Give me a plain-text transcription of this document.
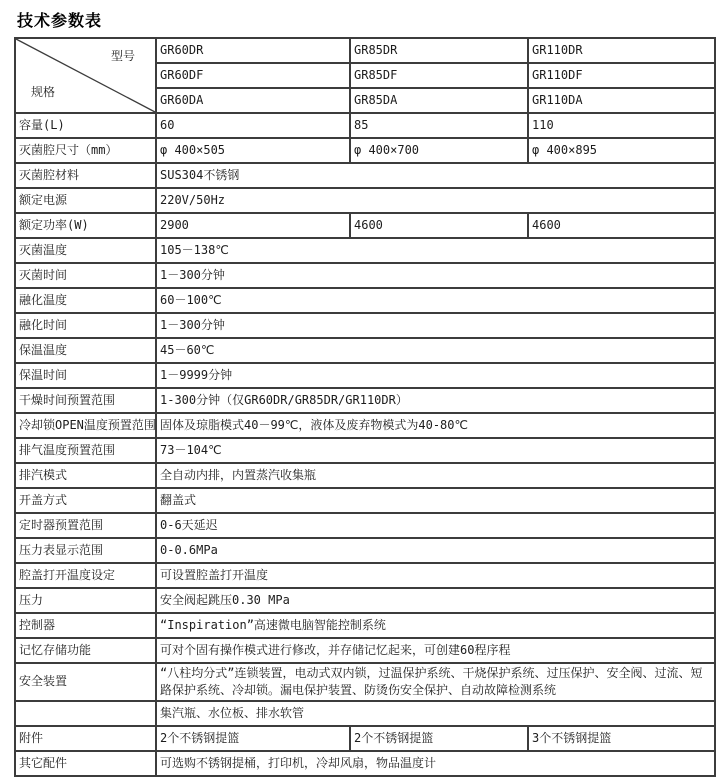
技术参数表
型号
规格	GR60DR	GR85DR	GR110DR
	GR60DF	GR85DF	GR110DF
	GR60DA	GR85DA	GR110DA
容量(L)	60	85	110
灭菌腔尺寸（mm）	φ 400×505	φ 400×700	φ 400×895
灭菌腔材料	SUS304不锈钢		
额定电源	220V/50Hz		
额定功率(W)	2900	4600	4600
灭菌温度	105－138℃		
灭菌时间	1－300分钟		
融化温度	60－100℃		
融化时间	1－300分钟		
保温温度	45－60℃		
保温时间	1－9999分钟		
干燥时间预置范围	1-300分钟（仅GR60DR/GR85DR/GR110DR）		
冷却锁OPEN温度预置范围	固体及琼脂模式40－99℃，液体及废弃物模式为40-80℃		
排气温度预置范围	73－104℃		
排汽模式	全自动内排，内置蒸汽收集瓶		
开盖方式	翻盖式		
定时器预置范围	0-6天延迟		
压力表显示范围	0-0.6MPa		
腔盖打开温度设定	可设置腔盖打开温度		
压力	安全阀起跳压0.30 MPa		
控制器	“Inspiration”高速微电脑智能控制系统		
记忆存储功能	可对个固有操作模式进行修改，并存储记忆起来，可创建60程序程		
安全装置	“八柱均分式”连锁装置，电动式双内锁，过温保护系统、干烧保护系统、过压保护、安全阀、过流、短路保护系统、冷却锁。漏电保护装置、防烫伤安全保护、自动故障检测系统		
	集汽瓶、水位板、排水软管		
附件	2个不锈钢提篮	2个不锈钢提篮	3个不锈钢提篮
其它配件	可选购不锈钢提桶，打印机，冷却风扇，物品温度计		
